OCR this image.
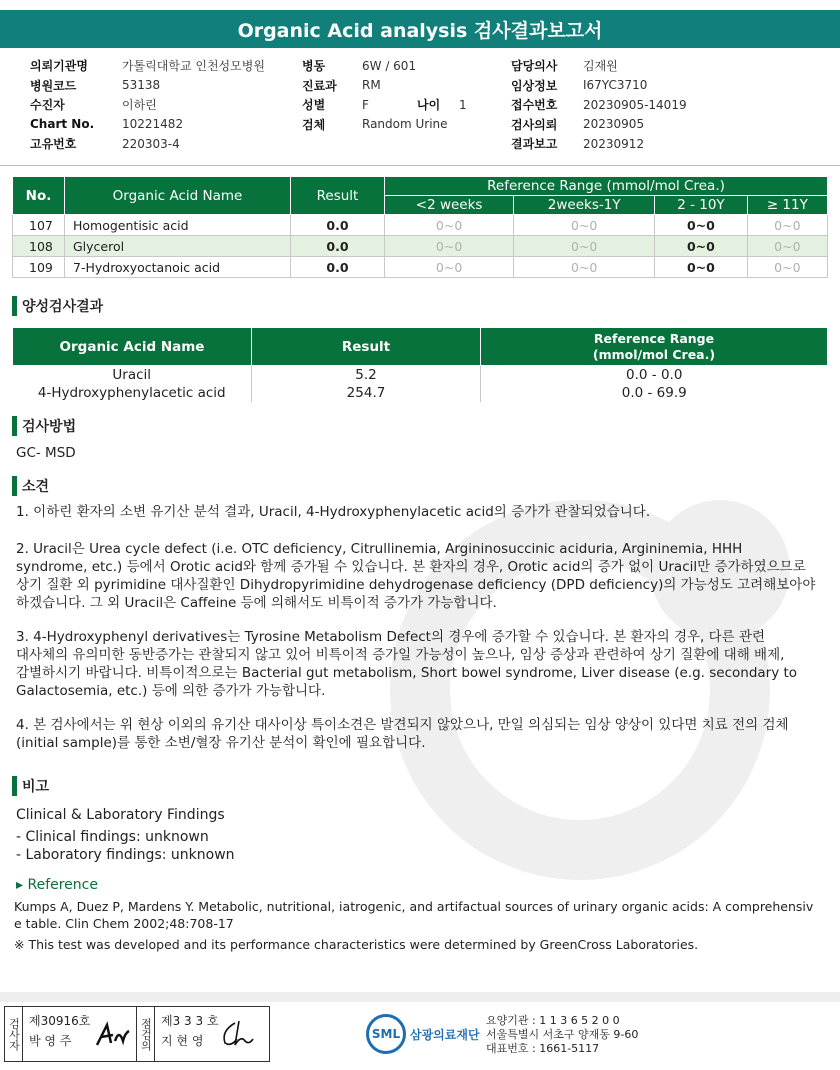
Organic Acid analysis 검사결과보고서
의뢰기관명	가톨릭대학교 인천성모병원
병원코드	53138
수진자	이하린
Chart No.	10221482
고유번호	220303-4
병동	6W / 601
진료과	RM
성별	F	나이	1
검체	Random Urine
담당의사	김재원
임상정보	I67YC3710
접수번호	20230905-14019
검사의뢰	20230905
결과보고	20230912
No.	Organic Acid Name	Result	Reference Range (mmol/mol Crea.)			
			<2 weeks	2weeks-1Y	2 - 10Y	≥ 11Y
107	Homogentisic acid	0.0	0~0	0~0	0~0	0~0
108	Glycerol	0.0	0~0	0~0	0~0	0~0
109	7-Hydroxyoctanoic acid	0.0	0~0	0~0	0~0	0~0
양성검사결과
Organic Acid Name	Result	Reference Range
(mmol/mol Crea.)
Uracil	5.2	0.0 - 0.0
4-Hydroxyphenylacetic acid	254.7	0.0 - 69.9
검사방법
GC- MSD
소견
1. 이하린 환자의 소변 유기산 분석 결과, Uracil, 4-Hydroxyphenylacetic acid의 증가가 관찰되었습니다.
2. Uracil은 Urea cycle defect (i.e. OTC deficiency, Citrullinemia, Argininosuccinic aciduria, Argininemia, HHH
syndrome, etc.) 등에서 Orotic acid와 함께 증가될 수 있습니다. 본 환자의 경우, Orotic acid의 증가 없이 Uracil만 증가하였으므로
상기 질환 외 pyrimidine 대사질환인 Dihydropyrimidine dehydrogenase deficiency (DPD deficiency)의 가능성도 고려해보아야
하겠습니다. 그 외 Uracil은 Caffeine 등에 의해서도 비특이적 증가가 가능합니다.
3. 4-Hydroxyphenyl derivatives는 Tyrosine Metabolism Defect의 경우에 증가할 수 있습니다. 본 환자의 경우, 다른 관련
대사체의 유의미한 동반증가는 관찰되지 않고 있어 비특이적 증가일 가능성이 높으나, 임상 증상과 관련하여 상기 질환에 대해 배제,
감별하시기 바랍니다. 비특이적으로는 Bacterial gut metabolism, Short bowel syndrome, Liver disease (e.g. secondary to
Galactosemia, etc.) 등에 의한 증가가 가능합니다.
4. 본 검사에서는 위 현상 이외의 유기산 대사이상 특이소견은 발견되지 않았으나, 만일 의심되는 임상 양상이 있다면 치료 전의 검체
(initial sample)를 통한 소변/혈장 유기산 분석이 확인에 필요합니다.
비고
Clinical & Laboratory Findings
- Clinical findings: unknown
- Laboratory findings: unknown
▸ Reference
Kumps A, Duez P, Mardens Y. Metabolic, nutritional, iatrogenic, and artifactual sources of urinary organic acids: A comprehensiv
e table. Clin Chem 2002;48:708-17
※ This test was developed and its performance characteristics were determined by GreenCross Laboratories.
검사자 제30916호
박 영 주	점검의 제3 3 3 호
지 현 영	SML 삼광의료재단
요양기관 : 1 1 3 6 5 2 0 0
서울특별시 서초구 양재동 9-60
대표번호 : 1661-5117
